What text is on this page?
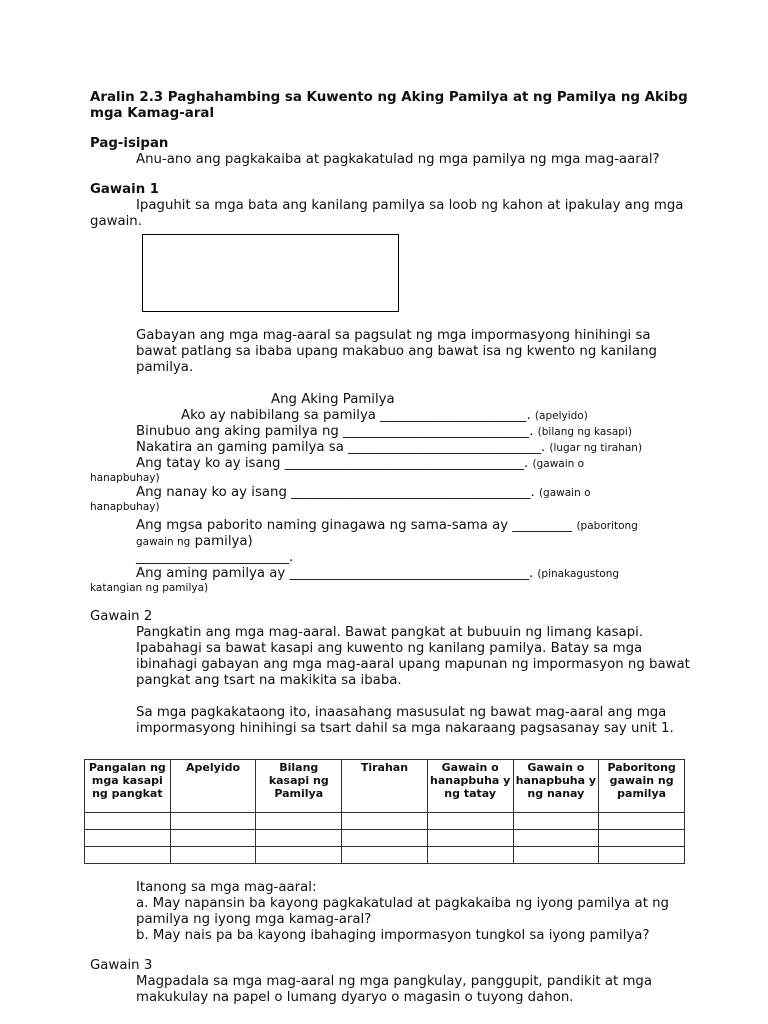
Aralin 2.3 Paghahambing sa Kuwento ng Aking Pamilya at ng Pamilya ng Akibg mga Kamag-aral
Pag-isipan
Anu-ano ang pagkakaiba at pagkakatulad ng mga pamilya ng mga mag-aaral?
Gawain 1
Ipaguhit sa mga bata ang kanilang pamilya sa loob ng kahon at ipakulay ang mga gawain.
Gabayan ang mga mag-aaral sa pagsulat ng mga impormasyong hinihingi sa bawat patlang sa ibaba upang makabuo ang bawat isa ng kwento ng kanilang pamilya.
Ang Aking Pamilya
Ako ay nabibilang sa pamilya ______________________. (apelyido)
Binubuo ang aking pamilya ng ____________________________. (bilang ng kasapi)
Nakatira an gaming pamilya sa _____________________________. (lugar ng tirahan)
Ang tatay ko ay isang ____________________________________. (gawain o
hanapbuhay)
Ang nanay ko ay isang ____________________________________. (gawain o
hanapbuhay)
Ang mgsa paborito naming ginagawa ng sama-sama ay _________ (paboritong
gawain ng pamilya)
_______________________.
Ang aming pamilya ay ____________________________________. (pinakagustong
katangian ng pamilya)
Gawain 2
Pangkatin ang mga mag-aaral. Bawat pangkat at bubuuin ng limang kasapi. Ipabahagi sa bawat kasapi ang kuwento ng kanilang pamilya. Batay sa mga ibinahagi gabayan ang mga mag-aaral upang mapunan ng impormasyon ng bawat pangkat ang tsart na makikita sa ibaba.
Sa mga pagkakataong ito, inaasahang masusulat ng bawat mag-aaral ang mga impormasyong hinihingi sa tsart dahil sa mga nakaraang pagsasanay say unit 1.
Pangalan ng mga kasapi ng pangkat	Apelyido	Bilang kasapi ng Pamilya	Tirahan	Gawain o hanapbuha y ng tatay	Gawain o hanapbuha y ng nanay	Paboritong gawain ng pamilya

Itanong sa mga mag-aaral:
a. May napansin ba kayong pagkakatulad at pagkakaiba ng iyong pamilya at ng pamilya ng iyong mga kamag-aral?
b. May nais pa ba kayong ibahaging impormasyon tungkol sa iyong pamilya?
Gawain 3
Magpadala sa mga mag-aaral ng mga pangkulay, panggupit, pandikit at mga makukulay na papel o lumang dyaryo o magasin o tuyong dahon.
